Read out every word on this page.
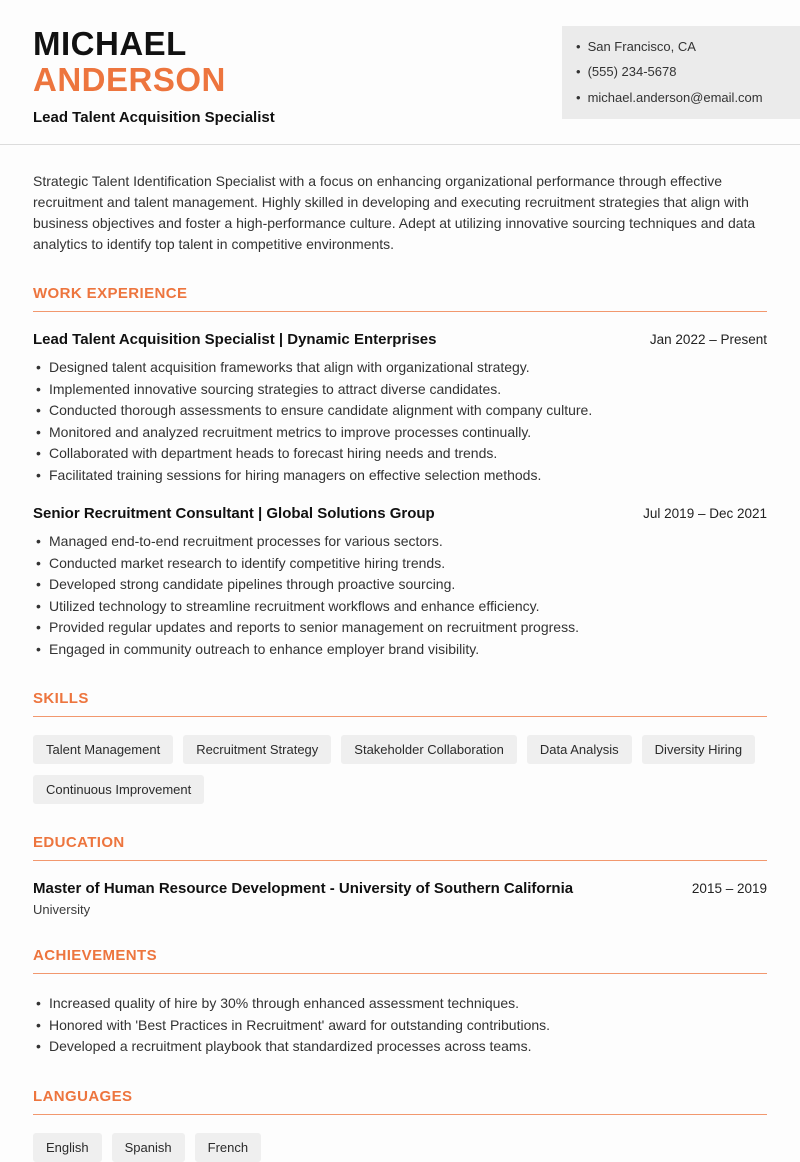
MICHAEL
ANDERSON
Lead Talent Acquisition Specialist
• San Francisco, CA
• (555) 234-5678
• michael.anderson@email.com

Strategic Talent Identification Specialist with a focus on enhancing organizational performance through effective recruitment and talent management. Highly skilled in developing and executing recruitment strategies that align with business objectives and foster a high-performance culture. Adept at utilizing innovative sourcing techniques and data analytics to identify top talent in competitive environments.

WORK EXPERIENCE
Lead Talent Acquisition Specialist | Dynamic Enterprises	Jan 2022 – Present
• Designed talent acquisition frameworks that align with organizational strategy.
• Implemented innovative sourcing strategies to attract diverse candidates.
• Conducted thorough assessments to ensure candidate alignment with company culture.
• Monitored and analyzed recruitment metrics to improve processes continually.
• Collaborated with department heads to forecast hiring needs and trends.
• Facilitated training sessions for hiring managers on effective selection methods.
Senior Recruitment Consultant | Global Solutions Group	Jul 2019 – Dec 2021
• Managed end-to-end recruitment processes for various sectors.
• Conducted market research to identify competitive hiring trends.
• Developed strong candidate pipelines through proactive sourcing.
• Utilized technology to streamline recruitment workflows and enhance efficiency.
• Provided regular updates and reports to senior management on recruitment progress.
• Engaged in community outreach to enhance employer brand visibility.
SKILLS
Talent Management	Recruitment Strategy	Stakeholder Collaboration	Data Analysis	Diversity Hiring
Continuous Improvement
EDUCATION
Master of Human Resource Development - University of Southern California	2015 – 2019
University
ACHIEVEMENTS
• Increased quality of hire by 30% through enhanced assessment techniques.
• Honored with 'Best Practices in Recruitment' award for outstanding contributions.
• Developed a recruitment playbook that standardized processes across teams.
LANGUAGES
English	Spanish	French
